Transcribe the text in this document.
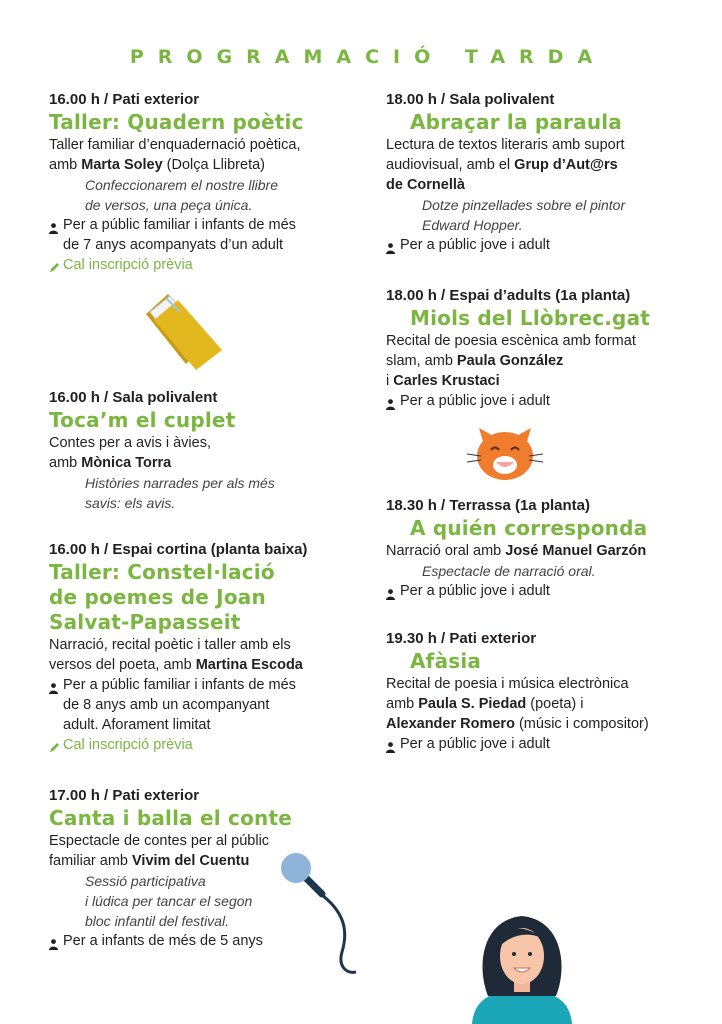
PROGRAMACIÓ TARDA
16.00 h / Pati exterior
Taller: Quadern poètic
Taller familiar d’enquadernació poètica,
amb Marta Soley (Dolça Llibreta)
Confeccionarem el nostre llibre
de versos, una peça única.
Per a públic familiar i infants de més
de 7 anys acompanyats d’un adult
Cal inscripció prèvia
16.00 h / Sala polivalent
Toca’m el cuplet
Contes per a avis i àvies,
amb Mònica Torra
Històries narrades per als més
savis: els avis.
16.00 h / Espai cortina (planta baixa)
Taller: Constel·lació
de poemes de Joan
Salvat-Papasseit
Narració, recital poètic i taller amb els
versos del poeta, amb Martina Escoda
Per a públic familiar i infants de més
de 8 anys amb un acompanyant
adult. Aforament limitat
Cal inscripció prèvia
17.00 h / Pati exterior
Canta i balla el conte
Espectacle de contes per al públic
familiar amb Vivim del Cuentu
Sessió participativa
i lúdica per tancar el segon
bloc infantil del festival.
Per a infants de més de 5 anys
18.00 h / Sala polivalent
Abraçar la paraula
Lectura de textos literaris amb suport
audiovisual, amb el Grup d’Aut@rs
de Cornellà
Dotze pinzellades sobre el pintor
Edward Hopper.
Per a públic jove i adult
18.00 h / Espai d’adults (1a planta)
Miols del Llòbrec.gat
Recital de poesia escènica amb format
slam, amb Paula González
i Carles Krustaci
Per a públic jove i adult
18.30 h / Terrassa (1a planta)
A quién corresponda
Narració oral amb José Manuel Garzón
Espectacle de narració oral.
Per a públic jove i adult
19.30 h / Pati exterior
Afàsia
Recital de poesia i música electrònica
amb Paula S. Piedad (poeta) i
Alexander Romero (músic i compositor)
Per a públic jove i adult
